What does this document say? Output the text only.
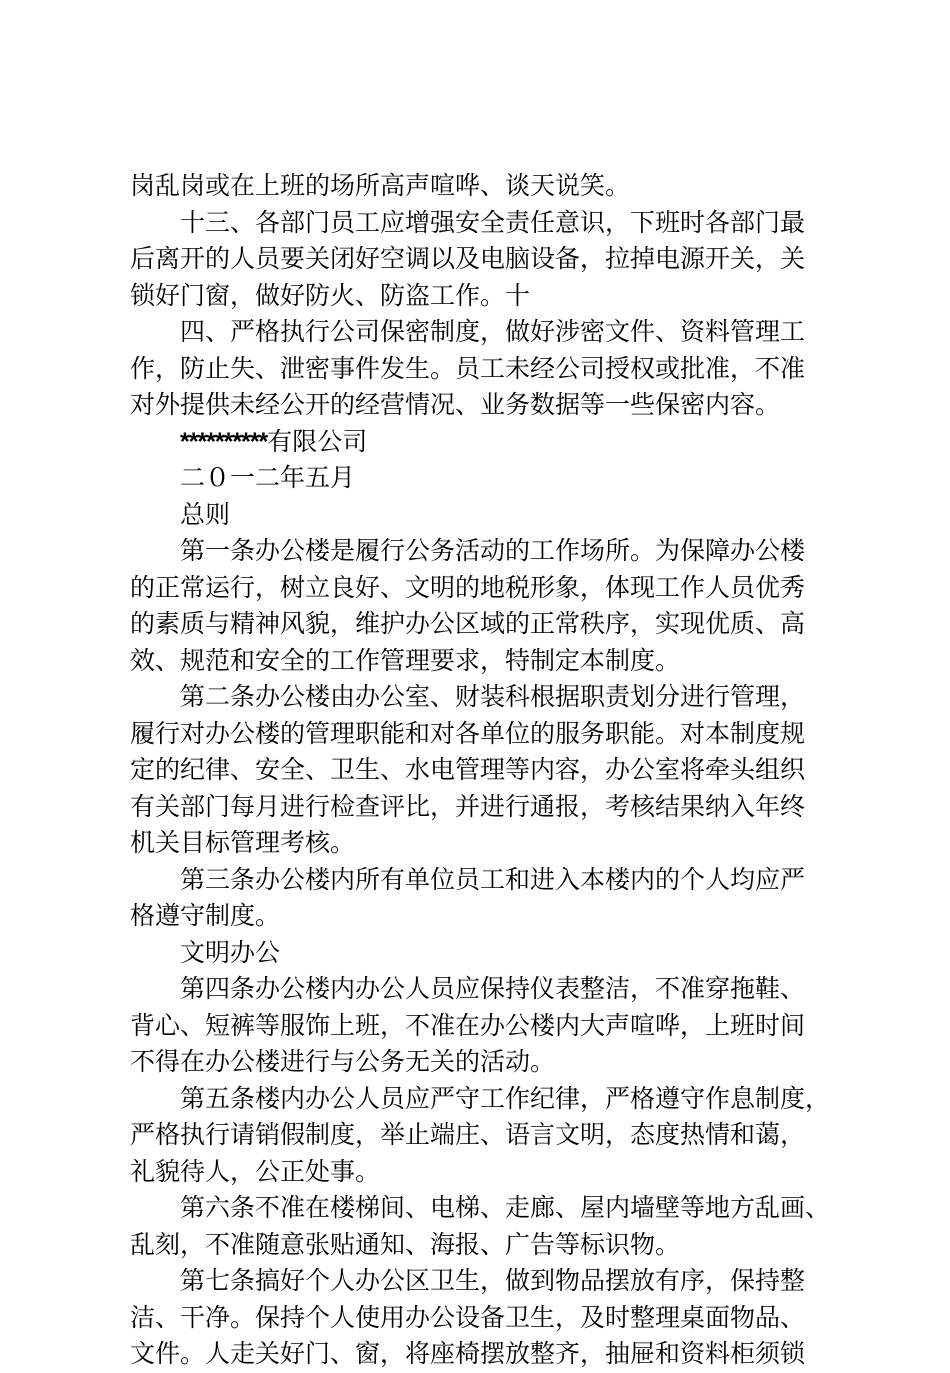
岗乱岗或在上班的场所高声喧哗、谈天说笑。
十三、各部门员工应增强安全责任意识，下班时各部门最
后离开的人员要关闭好空调以及电脑设备，拉掉电源开关，关
锁好门窗，做好防火、防盗工作。十
四、严格执行公司保密制度，做好涉密文件、资料管理工
作，防止失、泄密事件发生。员工未经公司授权或批准，不准
对外提供未经公开的经营情况、业务数据等一些保密内容。
**********有限公司
二０一二年五月
总则
第一条办公楼是履行公务活动的工作场所。为保障办公楼
的正常运行，树立良好、文明的地税形象，体现工作人员优秀
的素质与精神风貌，维护办公区域的正常秩序，实现优质、高
效、规范和安全的工作管理要求，特制定本制度。
第二条办公楼由办公室、财装科根据职责划分进行管理，
履行对办公楼的管理职能和对各单位的服务职能。对本制度规
定的纪律、安全、卫生、水电管理等内容，办公室将牵头组织
有关部门每月进行检查评比，并进行通报，考核结果纳入年终
机关目标管理考核。
第三条办公楼内所有单位员工和进入本楼内的个人均应严
格遵守制度。
文明办公
第四条办公楼内办公人员应保持仪表整洁，不准穿拖鞋、
背心、短裤等服饰上班，不准在办公楼内大声喧哗，上班时间
不得在办公楼进行与公务无关的活动。
第五条楼内办公人员应严守工作纪律，严格遵守作息制度，
严格执行请销假制度，举止端庄、语言文明，态度热情和蔼，
礼貌待人，公正处事。
第六条不准在楼梯间、电梯、走廊、屋内墙壁等地方乱画、
乱刻，不准随意张贴通知、海报、广告等标识物。
第七条搞好个人办公区卫生，做到物品摆放有序，保持整
洁、干净。保持个人使用办公设备卫生，及时整理桌面物品、
文件。人走关好门、窗，将座椅摆放整齐，抽屉和资料柜须锁
